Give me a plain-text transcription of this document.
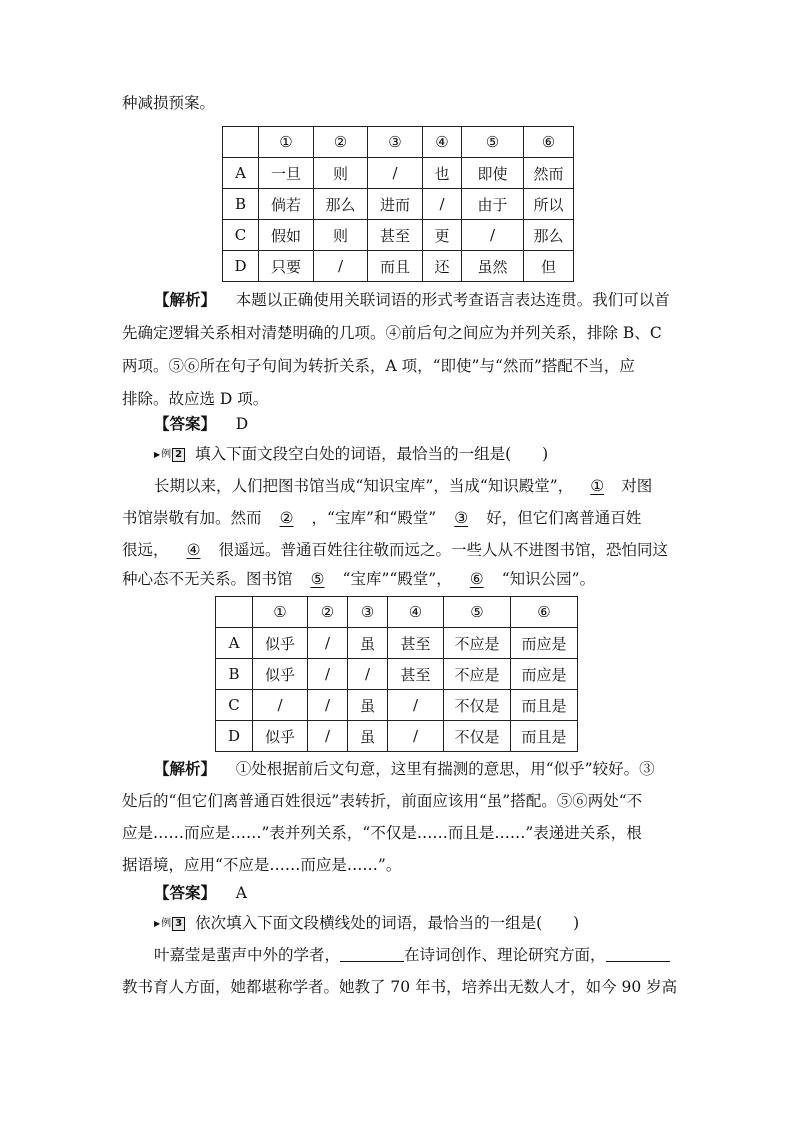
种减损预案。
	①	②	③	④	⑤	⑥
A	一旦	则	/	也	即使	然而
B	倘若	那么	进而	/	由于	所以
C	假如	则	甚至	更	/	那么
D	只要	/	而且	还	虽然	但
【解析】 本题以正确使用关联词语的形式考查语言表达连贯。我们可以首
先确定逻辑关系相对清楚明确的几项。④前后句之间应为并列关系，排除 B、C
两项。⑤⑥所在句子句间为转折关系，A 项，“即使”与“然而”搭配不当，应
排除。故应选 D 项。
【答案】 D
▶ 例 2 填入下面文段空白处的词语，最恰当的一组是(　　)
长期以来，人们把图书馆当成“知识宝库”，当成“知识殿堂”， ① 对图
书馆崇敬有加。然而 ② ，“宝库”和“殿堂” ③ 好，但它们离普通百姓
很远， ④ 很遥远。普通百姓往往敬而远之。一些人从不进图书馆，恐怕同这
种心态不无关系。图书馆 ⑤ “宝库”“殿堂”， ⑥ “知识公园”。
	①	②	③	④	⑤	⑥
A	似乎	/	虽	甚至	不应是	而应是
B	似乎	/	/	甚至	不应是	而应是
C	/	/	虽	/	不仅是	而且是
D	似乎	/	虽	/	不仅是	而且是
【解析】 ①处根据前后文句意，这里有揣测的意思，用“似乎”较好。③
处后的“但它们离普通百姓很远”表转折，前面应该用“虽”搭配。⑤⑥两处“不
应是……而应是……”表并列关系，“不仅是……而且是……”表递进关系，根
据语境，应用“不应是……而应是……”。
【答案】 A
▶ 例 3 依次填入下面文段横线处的词语，最恰当的一组是(　　)
叶嘉莹是蜚声中外的学者，	在诗词创作、理论研究方面，
教书育人方面，她都堪称学者。她教了 70 年书，培养出无数人才，如今 90 岁高
